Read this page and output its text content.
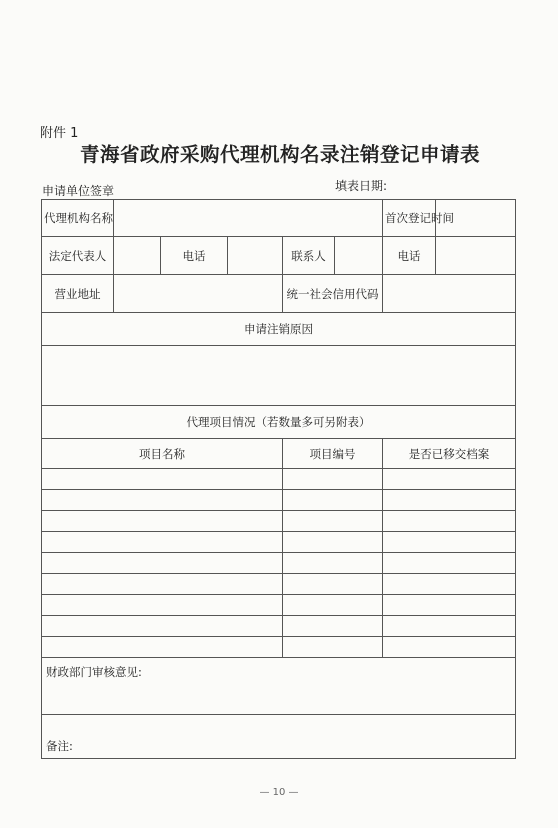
附件 1
青海省政府采购代理机构名录注销登记申请表
申请单位签章	填表日期:
代理机构名称						首次登记时间	
法定代表人		电话		联系人		电话	
营业地址				统一社会信用代码			
申请注销原因							

代理项目情况（若数量多可另附表）							
项目名称				项目编号		是否已移交档案	

财政部门审核意见:							
备注:							
— 10 —
